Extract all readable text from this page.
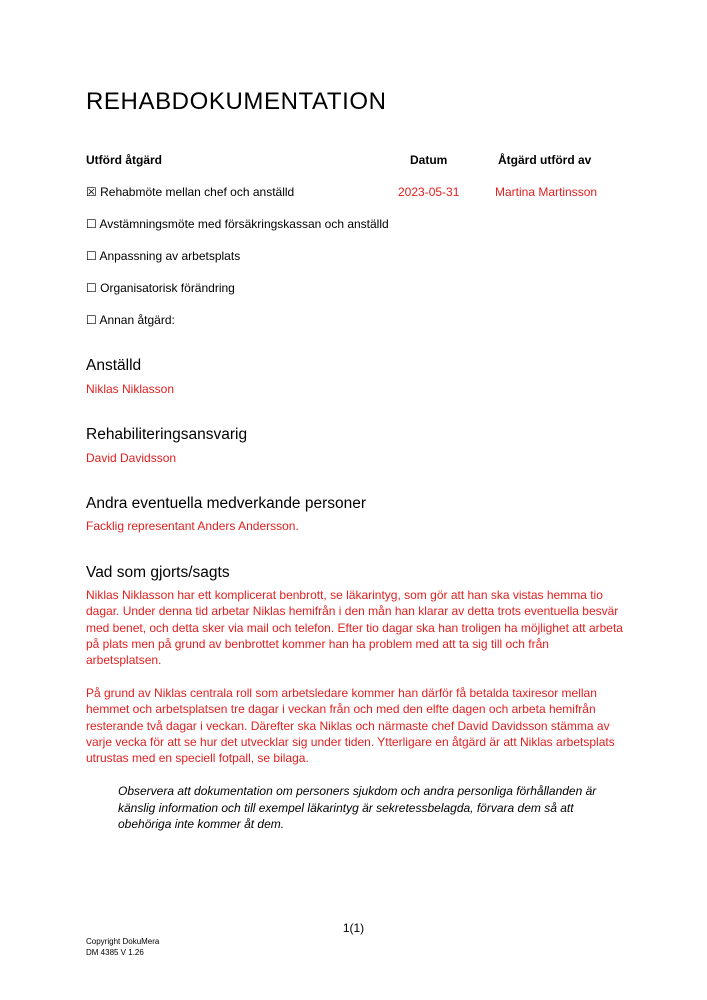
REHABDOKUMENTATION
Utförd åtgärd	Datum	Åtgärd utförd av
☒ Rehabmöte mellan chef och anställd	2023-05-31	Martina Martinsson
☐ Avstämningsmöte med försäkringskassan och anställd
☐ Anpassning av arbetsplats
☐ Organisatorisk förändring
☐ Annan åtgärd:
Anställd
Niklas Niklasson
Rehabiliteringsansvarig
David Davidsson
Andra eventuella medverkande personer
Facklig representant Anders Andersson.
Vad som gjorts/sagts

Niklas Niklasson har ett komplicerat benbrott, se läkarintyg, som gör att han ska vistas hemma tio dagar. Under denna tid arbetar Niklas hemifrån i den mån han klarar av detta trots eventuella besvär med benet, och detta sker via mail och telefon. Efter tio dagar ska han troligen ha möjlighet att arbeta på plats men på grund av benbrottet kommer han ha problem med att ta sig till och från arbetsplatsen.

På grund av Niklas centrala roll som arbetsledare kommer han därför få betalda taxiresor mellan hemmet och arbetsplatsen tre dagar i veckan från och med den elfte dagen och arbeta hemifrån resterande två dagar i veckan. Därefter ska Niklas och närmaste chef David Davidsson stämma av varje vecka för att se hur det utvecklar sig under tiden. Ytterligare en åtgärd är att Niklas arbetsplats utrustas med en speciell fotpall, se bilaga.

Observera att dokumentation om personers sjukdom och andra personliga förhållanden är känslig information och till exempel läkarintyg är sekretessbelagda, förvara dem så att obehöriga inte kommer åt dem.

1(1)
Copyright DokuMera
DM 4385 V 1.26
